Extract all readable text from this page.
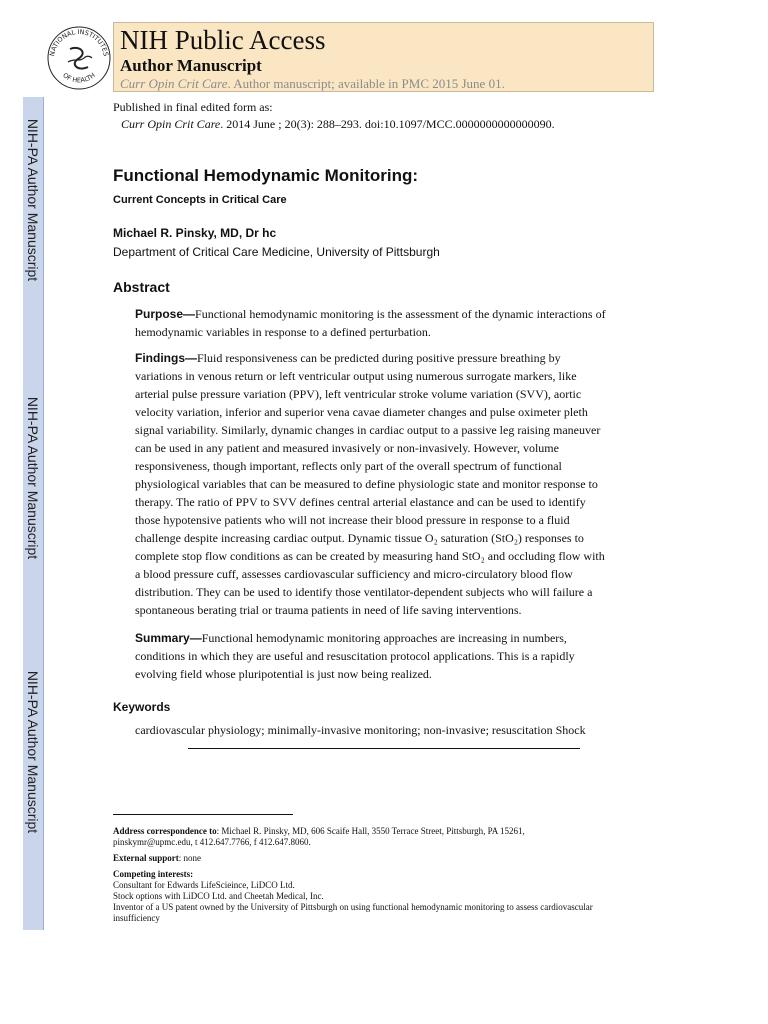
NIH-PA Author Manuscript
NIH-PA Author Manuscript
NIH-PA Author Manuscript
NATIONAL INSTITUTES
OF HEALTH
NIH Public Access
Author Manuscript
Curr Opin Crit Care. Author manuscript; available in PMC 2015 June 01.
Published in final edited form as:
Curr Opin Crit Care. 2014 June ; 20(3): 288–293. doi:10.1097/MCC.0000000000000090.
Functional Hemodynamic Monitoring:
Current Concepts in Critical Care
Michael R. Pinsky, MD, Dr hc
Department of Critical Care Medicine, University of Pittsburgh
Abstract
Purpose—Functional hemodynamic monitoring is the assessment of the dynamic interactions of
hemodynamic variables in response to a defined perturbation.
Findings—Fluid responsiveness can be predicted during positive pressure breathing by
variations in venous return or left ventricular output using numerous surrogate markers, like
arterial pulse pressure variation (PPV), left ventricular stroke volume variation (SVV), aortic
velocity variation, inferior and superior vena cavae diameter changes and pulse oximeter pleth
signal variability. Similarly, dynamic changes in cardiac output to a passive leg raising maneuver
can be used in any patient and measured invasively or non-invasively. However, volume
responsiveness, though important, reflects only part of the overall spectrum of functional
physiological variables that can be measured to define physiologic state and monitor response to
therapy. The ratio of PPV to SVV defines central arterial elastance and can be used to identify
those hypotensive patients who will not increase their blood pressure in response to a fluid
challenge despite increasing cardiac output. Dynamic tissue O₂ saturation (StO₂) responses to
complete stop flow conditions as can be created by measuring hand StO₂ and occluding flow with
a blood pressure cuff, assesses cardiovascular sufficiency and micro-circulatory blood flow
distribution. They can be used to identify those ventilator-dependent subjects who will failure a
spontaneous berating trial or trauma patients in need of life saving interventions.
Summary—Functional hemodynamic monitoring approaches are increasing in numbers,
conditions in which they are useful and resuscitation protocol applications. This is a rapidly
evolving field whose pluripotential is just now being realized.
Keywords
cardiovascular physiology; minimally-invasive monitoring; non-invasive; resuscitation Shock
Address correspondence to: Michael R. Pinsky, MD, 606 Scaife Hall, 3550 Terrace Street, Pittsburgh, PA 15261,
pinskymr@upmc.edu, t 412.647.7766, f 412.647.8060.
External support: none
Competing interests:
Consultant for Edwards LifeScieince, LiDCO Ltd.
Stock options with LiDCO Ltd. and Cheetah Medical, Inc.
Inventor of a US patent owned by the University of Pittsburgh on using functional hemodynamic monitoring to assess cardiovascular
insufficiency
